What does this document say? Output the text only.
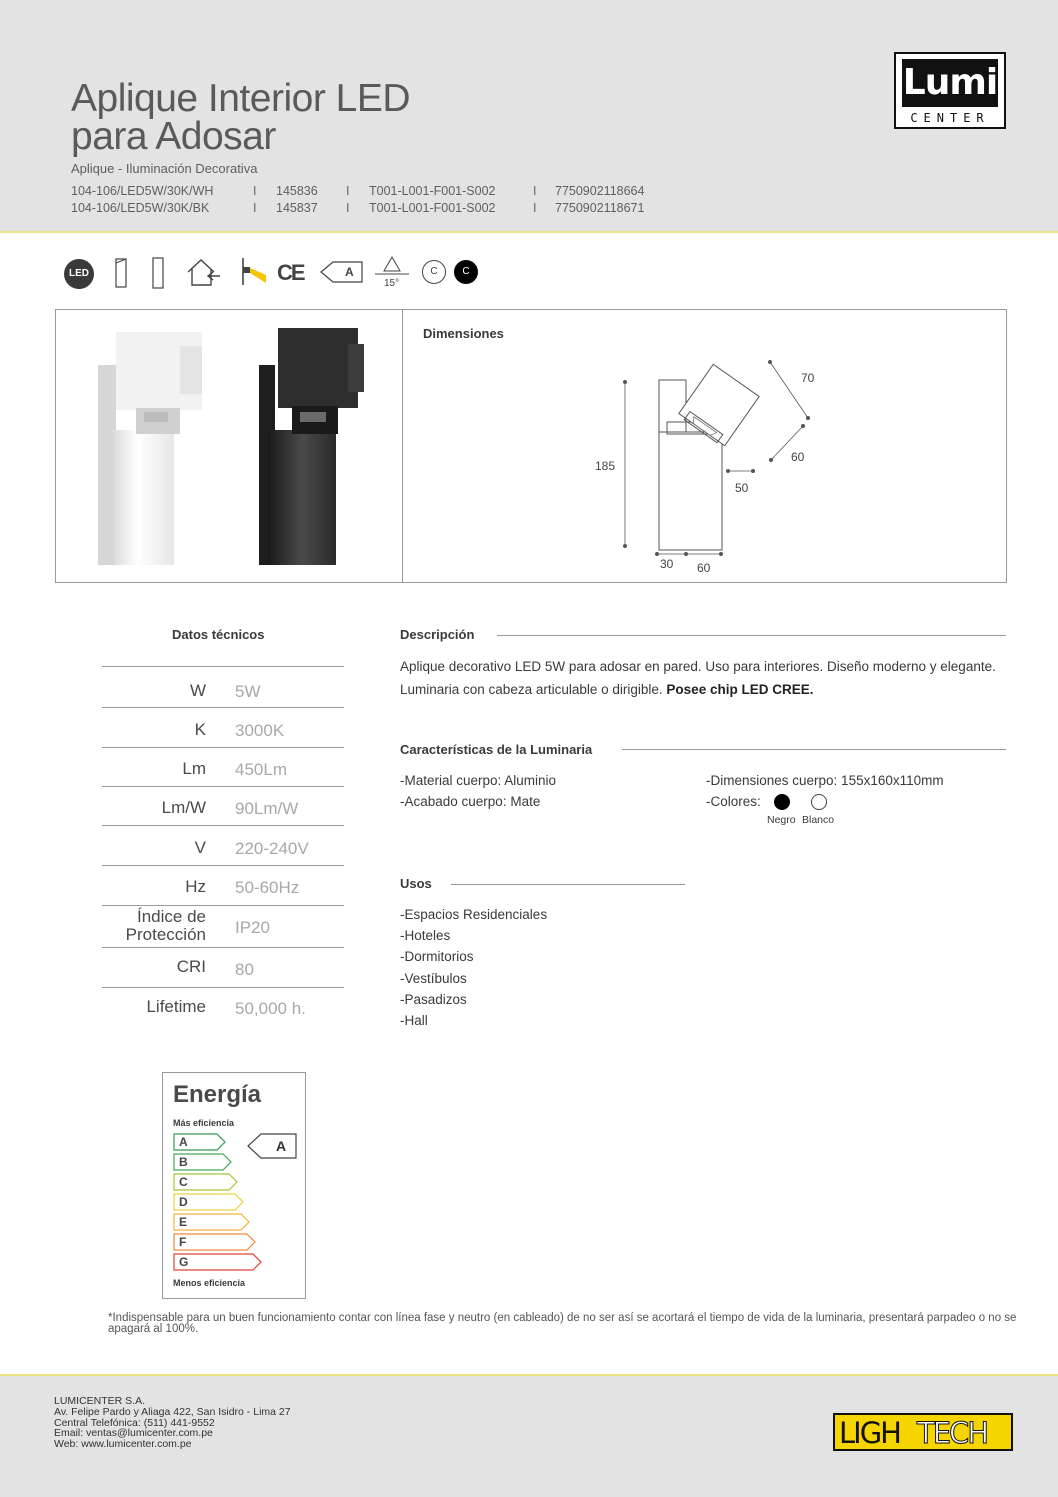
Aplique Interior LED
para Adosar
Aplique - Iluminación Decorativa
104-106/LED5W/30K/WH	I 145836 I T001-L001-F001-S002	I 7750902118664
104-106/LED5W/30K/BK	I 145837 I T001-L001-F001-S002	I 7750902118671
Lumi
CENTER
LED	CE	A
15°
C	C
Dimensiones
185
70
60
50
30 60
Datos técnicos
W 5W
K 3000K
Lm 450Lm
Lm/W 90Lm/W
V 220-240V
Hz 50-60Hz
Índice de
Protección IP20
CRI 80
Lifetime 50,000 h.
Descripción
Aplique decorativo LED 5W para adosar en pared. Uso para interiores. Diseño moderno y elegante. Luminaria con cabeza articulable o dirigible. Posee chip LED CREE.
Características de la Luminaria
-Material cuerpo: Aluminio
-Acabado cuerpo: Mate
-Dimensiones cuerpo: 155x160x110mm
-Colores:
Negro Blanco
Usos
-Espacios Residenciales
-Hoteles
-Dormitorios
-Vestíbulos
-Pasadizos
-Hall
Energía
Más eficiencia
A
B
C
D
E
F
G
A
Menos eficiencia
*Indispensable para un buen funcionamiento contar con línea fase y neutro (en cableado) de no ser así se acortará el tiempo de vida de la luminaria, presentará parpadeo o no se apagará al 100%.
LUMICENTER S.A.
Av. Felipe Pardo y Aliaga 422, San Isidro - Lima 27
Central Telefónica: (511) 441-9552
Email: ventas@lumicenter.com.pe
Web: www.lumicenter.com.pe	LIGH TECH
